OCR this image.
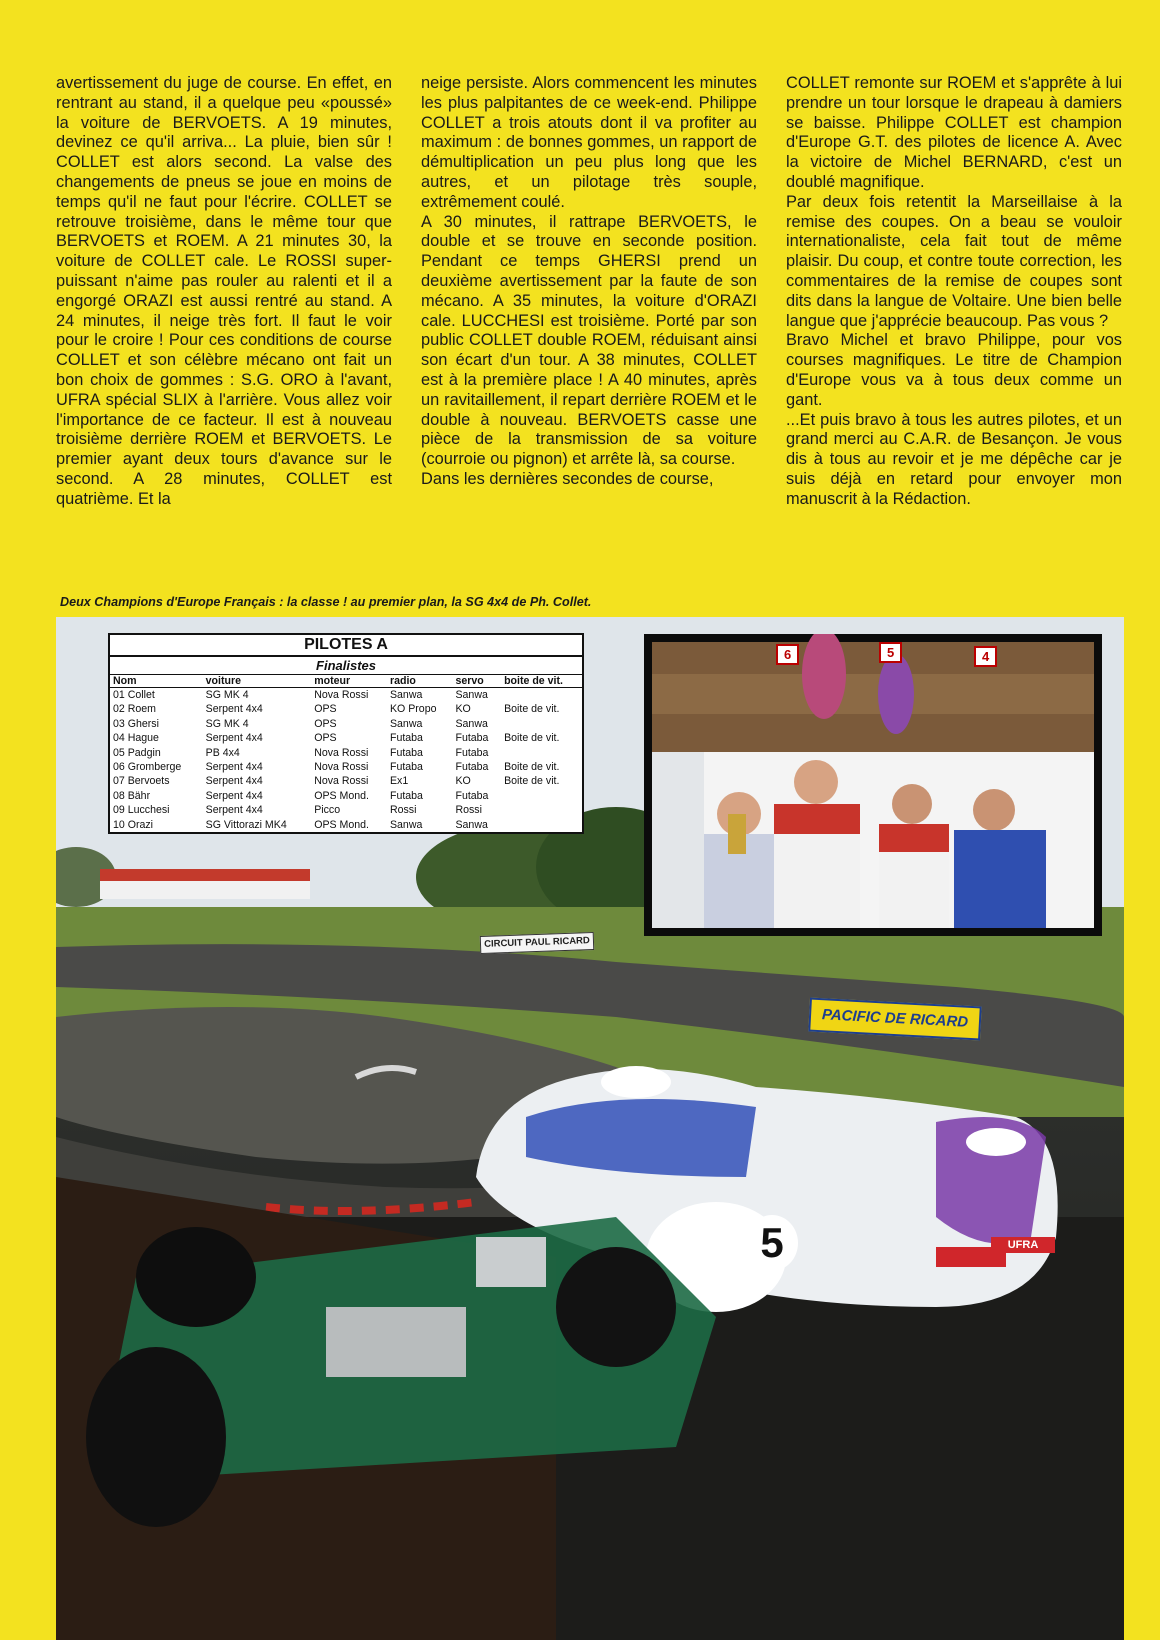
avertissement du juge de course. En effet, en rentrant au stand, il a quelque peu «poussé» la voiture de BERVOETS. A 19 minutes, devinez ce qu'il arriva... La pluie, bien sûr ! COLLET est alors second. La valse des changements de pneus se joue en moins de temps qu'il ne faut pour l'écrire. COLLET se retrouve troisième, dans le même tour que BERVOETS et ROEM. A 21 minutes 30, la voiture de COLLET cale. Le ROSSI super-puissant n'aime pas rouler au ralenti et il a engorgé ORAZI est aussi rentré au stand. A 24 minutes, il neige très fort. Il faut le voir pour le croire ! Pour ces conditions de course COLLET et son célèbre mécano ont fait un bon choix de gommes : S.G. ORO à l'avant, UFRA spécial SLIX à l'arrière. Vous allez voir l'importance de ce facteur. Il est à nouveau troisième derrière ROEM et BERVOETS. Le premier ayant deux tours d'avance sur le second. A 28 minutes, COLLET est quatrième. Et la

neige persiste. Alors commencent les minutes les plus palpitantes de ce week-end. Philippe COLLET a trois atouts dont il va profiter au maximum : de bonnes gommes, un rapport de démultiplication un peu plus long que les autres, et un pilotage très souple, extrêmement coulé.

A 30 minutes, il rattrape BERVOETS, le double et se trouve en seconde position. Pendant ce temps GHERSI prend un deuxième avertissement par la faute de son mécano. A 35 minutes, la voiture d'ORAZI cale. LUCCHESI est troisième. Porté par son public COLLET double ROEM, réduisant ainsi son écart d'un tour. A 38 minutes, COLLET est à la première place ! A 40 minutes, après un ravitaillement, il repart derrière ROEM et le double à nouveau. BERVOETS casse une pièce de la transmission de sa voiture (courroie ou pignon) et arrête là, sa course.

Dans les dernières secondes de course,

COLLET remonte sur ROEM et s'apprête à lui prendre un tour lorsque le drapeau à damiers se baisse. Philippe COLLET est champion d'Europe G.T. des pilotes de licence A. Avec la victoire de Michel BERNARD, c'est un doublé magnifique.

Par deux fois retentit la Marseillaise à la remise des coupes. On a beau se vouloir internationaliste, cela fait tout de même plaisir. Du coup, et contre toute correction, les commentaires de la remise de coupes sont dits dans la langue de Voltaire. Une bien belle langue que j'apprécie beaucoup. Pas vous ?

Bravo Michel et bravo Philippe, pour vos courses magnifiques. Le titre de Champion d'Europe vous va à tous deux comme un gant.

...Et puis bravo à tous les autres pilotes, et un grand merci au C.A.R. de Besançon. Je vous dis à tous au revoir et je me dépêche car je suis déjà en retard pour envoyer mon manuscrit à la Rédaction.

Deux Champions d'Europe Français : la classe ! au premier plan, la SG 4x4 de Ph. Collet.
6	5	4
CIRCUIT PAUL RICARD
PACIFIC DE RICARD
5	UFRA
PILOTES A
Finalistes
Nom	voiture	moteur	radio	servo	boite de vit.
01 Collet	SG MK 4	Nova Rossi	Sanwa	Sanwa	
02 Roem	Serpent 4x4	OPS	KO Propo	KO	Boite de vit.
03 Ghersi	SG MK 4	OPS	Sanwa	Sanwa	
04 Hague	Serpent 4x4	OPS	Futaba	Futaba	Boite de vit.
05 Padgin	PB 4x4	Nova Rossi	Futaba	Futaba	
06 Gromberge	Serpent 4x4	Nova Rossi	Futaba	Futaba	Boite de vit.
07 Bervoets	Serpent 4x4	Nova Rossi	Ex1	KO	Boite de vit.
08 Bähr	Serpent 4x4	OPS Mond.	Futaba	Futaba	
09 Lucchesi	Serpent 4x4	Picco	Rossi	Rossi	
10 Orazi	SG Vittorazi MK4	OPS Mond.	Sanwa	Sanwa	
